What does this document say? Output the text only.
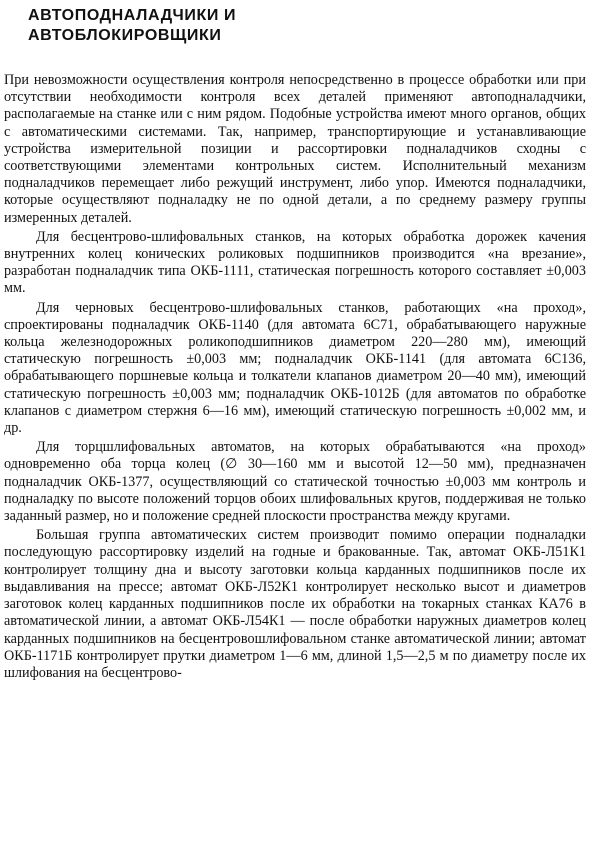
АВТОПОДНАЛАДЧИКИ И
АВТОБЛОКИРОВЩИКИ

При невозможности осуществления контроля непосредственно в процессе обработки или при отсутствии необходимости контроля всех деталей применяют автоподналадчики, располагаемые на станке или с ним рядом. Подобные устройства имеют много органов, общих с автоматическими системами. Так, например, транспортирующие и устанавливающие устройства измерительной позиции и рассортировки подналадчиков сходны с соответствующими элементами контрольных систем. Исполнительный механизм подналадчиков перемещает либо режущий инструмент, либо упор. Имеются подналадчики, которые осуществляют подналадку не по одной детали, а по среднему размеру группы измеренных деталей.

Для бесцентрово-шлифовальных станков, на которых обработка дорожек качения внутренних колец конических роликовых подшипников производится «на врезание», разработан подналадчик типа ОКБ-1111, статическая погрешность которого составляет ±0,003 мм.

Для черновых бесцентрово-шлифовальных станков, работающих «на проход», спроектированы подналадчик ОКБ-1140 (для автомата 6С71, обрабатывающего наружные кольца железнодорожных роликоподшипников диаметром 220—280 мм), имеющий статическую погрешность ±0,003 мм; подналадчик ОКБ-1141 (для автомата 6С136, обрабатывающего поршневые кольца и толкатели клапанов диаметром 20—40 мм), имеющий статическую погрешность ±0,003 мм; подналадчик ОКБ-1012Б (для автоматов по обработке клапанов с диаметром стержня 6—16 мм), имеющий статическую погрешность ±0,002 мм, и др.

Для торцшлифовальных автоматов, на которых обрабатываются «на проход» одновременно оба торца колец (∅ 30—160 мм и высотой 12—50 мм), предназначен подналадчик ОКБ-1377, осуществляющий со статической точностью ±0,003 мм контроль и подналадку по высоте положений торцов обоих шлифовальных кругов, поддерживая не только заданный размер, но и положение средней плоскости пространства между кругами.

Большая группа автоматических систем производит помимо операции подналадки последующую рассортировку изделий на годные и бракованные. Так, автомат ОКБ-Л51К1 контролирует толщину дна и высоту заготовки кольца карданных подшипников после их выдавливания на прессе; автомат ОКБ-Л52К1 контролирует несколько высот и диаметров заготовок колец карданных подшипников после их обработки на токарных станках КА76 в автоматической линии, а автомат ОКБ-Л54К1 — после обработки наружных диаметров колец карданных подшипников на бесцентровошлифовальном станке автоматической линии; автомат ОКБ-1171Б контролирует прутки диаметром 1—6 мм, длиной 1,5—2,5 м по диаметру после их шлифования на бесцентрово-
